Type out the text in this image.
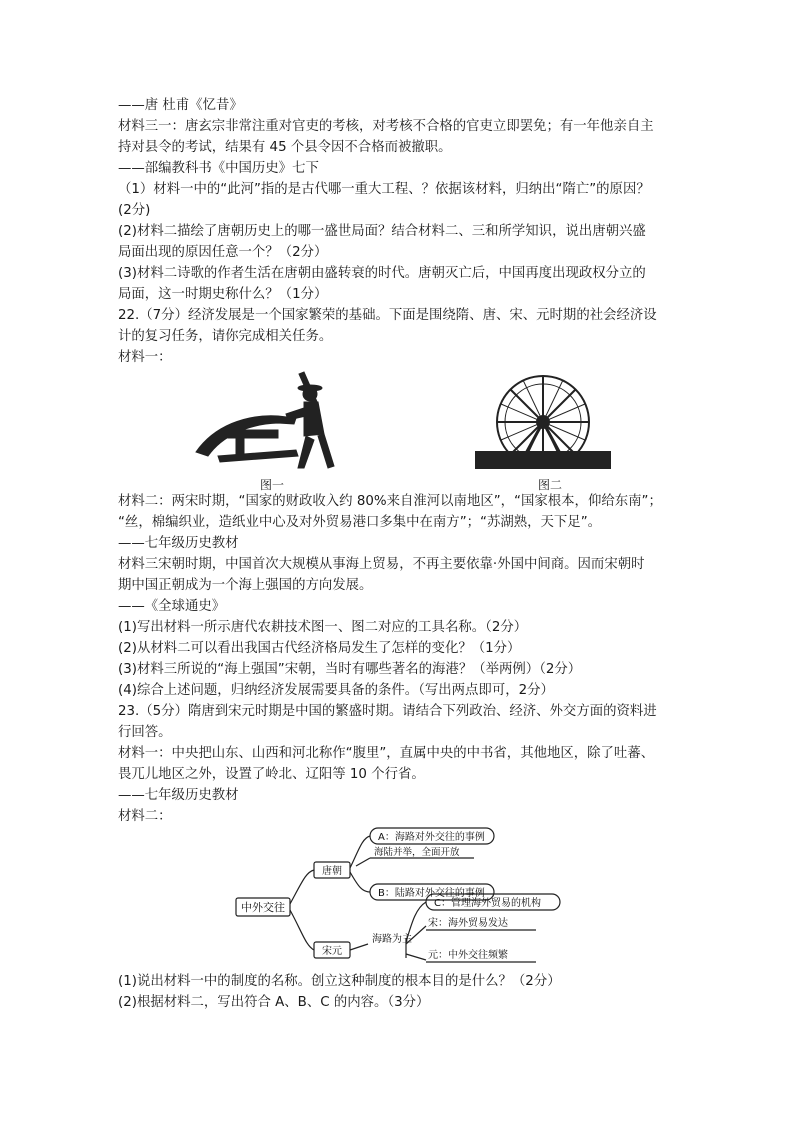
——唐 杜甫《忆昔》
材料三一：唐玄宗非常注重对官吏的考核，对考核不合格的官吏立即罢免；有一年他亲自主
持对县令的考试，结果有 45 个县令因不合格而被撤职。
——部编教科书《中国历史》七下
（1）材料一中的“此河”指的是古代哪一重大工程、？依据该材料，归纳出“隋亡”的原因？
(2分)
(2)材料二描绘了唐朝历史上的哪一盛世局面？结合材料二、三和所学知识，说出唐朝兴盛
局面出现的原因任意一个？（2分）
(3)材料二诗歌的作者生活在唐朝由盛转衰的时代。唐朝灭亡后，中国再度出现政权分立的
局面，这一时期史称什么？（1分）
22.（7分）经济发展是一个国家繁荣的基础。下面是围绕隋、唐、宋、元时期的社会经济设
计的复习任务，请你完成相关任务。
材料一：
图一	图二
材料二：两宋时期，“国家的财政收入约 80%来自淮河以南地区”，“国家根本，仰给东南”；
“丝，棉编织业，造纸业中心及对外贸易港口多集中在南方”；“苏湖熟，天下足”。
——七年级历史教材
材料三宋朝时期，中国首次大规模从事海上贸易，不再主要依靠·外国中间商。因而宋朝时
期中国正朝成为一个海上强国的方向发展。
——《全球通史》
(1)写出材料一所示唐代农耕技术图一、图二对应的工具名称。（2分）
(2)从材料二可以看出我国古代经济格局发生了怎样的变化？（1分）
(3)材料三所说的“海上强国”宋朝，当时有哪些著名的海港？（举两例）（2分）
(4)综合上述问题，归纳经济发展需要具备的条件。（写出两点即可，2分）
23.（5分）隋唐到宋元时期是中国的繁盛时期。请结合下列政治、经济、外交方面的资料进
行回答。
材料一：中央把山东、山西和河北称作“腹里”，直属中央的中书省，其他地区，除了吐蕃、
畏兀儿地区之外，设置了岭北、辽阳等 10 个行省。
——七年级历史教材
材料二：
中外交往
唐朝
宋元
A：海路对外交往的事例
海陆并举，全面开放
B：陆路对外交往的事例
海路为主
C：管理海外贸易的机构
宋：海外贸易发达
元：中外交往频繁
(1)说出材料一中的制度的名称。创立这种制度的根本目的是什么？（2分）
(2)根据材料二，写出符合 A、B、C 的内容。（3分）
